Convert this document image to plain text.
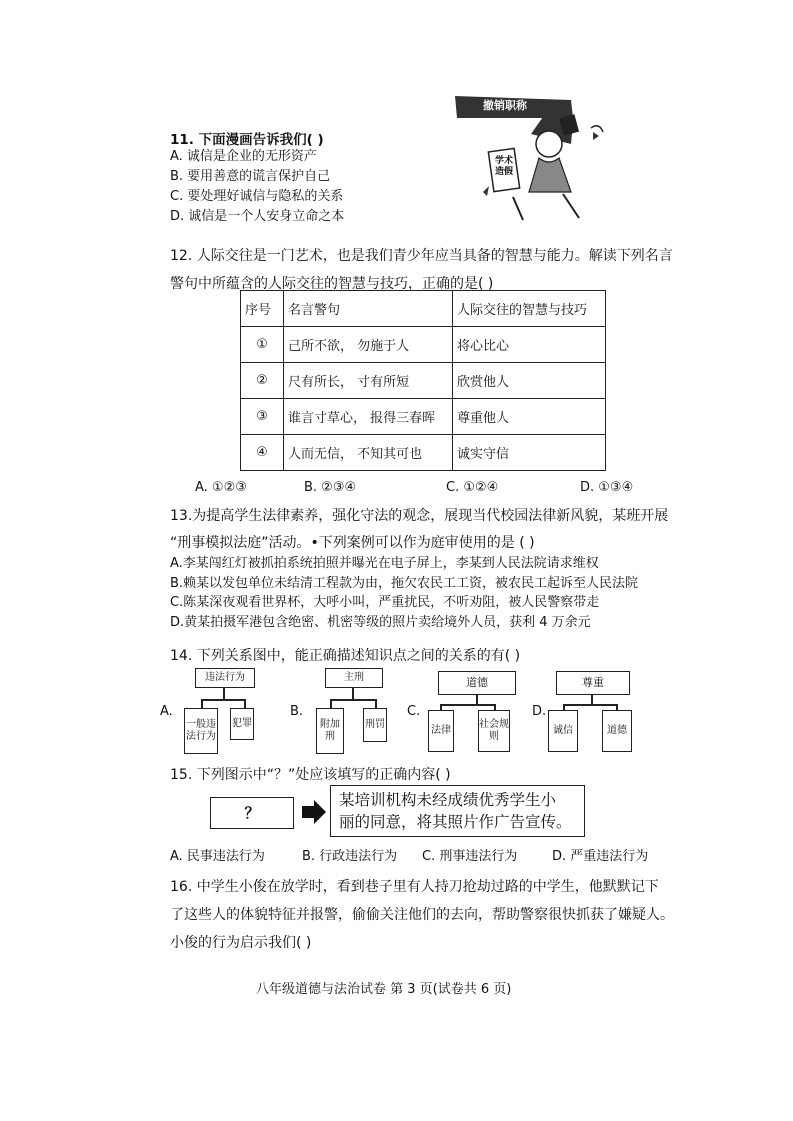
11. 下面漫画告诉我们( )
A. 诚信是企业的无形资产
B. 要用善意的谎言保护自己
C. 要处理好诚信与隐私的关系
D. 诚信是一个人安身立命之本
撤销职称
学术造假
12. 人际交往是一门艺术，也是我们青少年应当具备的智慧与能力。解读下列名言
警句中所蕴含的人际交往的智慧与技巧，正确的是( )
序号	名言警句	人际交往的智慧与技巧
①	己所不欲， 勿施于人	将心比心
②	尺有所长， 寸有所短	欣赏他人
③	谁言寸草心， 报得三春晖	尊重他人
④	人而无信， 不知其可也	诚实守信
A. ①②③	B. ②③④	C. ①②④	D. ①③④
13.为提高学生法律素养，强化守法的观念，展现当代校园法律新风貌，某班开展
“刑事模拟法庭”活动。•下列案例可以作为庭审使用的是 ( )
A.李某闯红灯被抓拍系统拍照并曝光在电子屏上，李某到人民法院请求维权
B.赖某以发包单位未结清工程款为由，拖欠农民工工资，被农民工起诉至人民法院
C.陈某深夜观看世界杯，大呼小叫，严重扰民，不听劝阻，被人民警察带走
D.黄某拍摄军港包含绝密、机密等级的照片卖给境外人员，获利 4 万余元
14. 下列关系图中，能正确描述知识点之间的关系的有( )
A.
违法行为
一般违法行为
犯罪
B.
主刑
附加刑
刑罚
C.
道德
法律
社会规则
D.
尊重
诚信	道德
15. 下列图示中“？”处应该填写的正确内容( )
？
某培训机构未经成绩优秀学生小
丽的同意，将其照片作广告宣传。
A. 民事违法行为	B. 行政违法行为 C. 刑事违法行为	D. 严重违法行为
16. 中学生小俊在放学时，看到巷子里有人持刀抢劫过路的中学生，他默默记下
了这些人的体貌特征并报警，偷偷关注他们的去向，帮助警察很快抓获了嫌疑人。
小俊的行为启示我们( )
八年级道德与法治试卷 第 3 页(试卷共 6 页)
